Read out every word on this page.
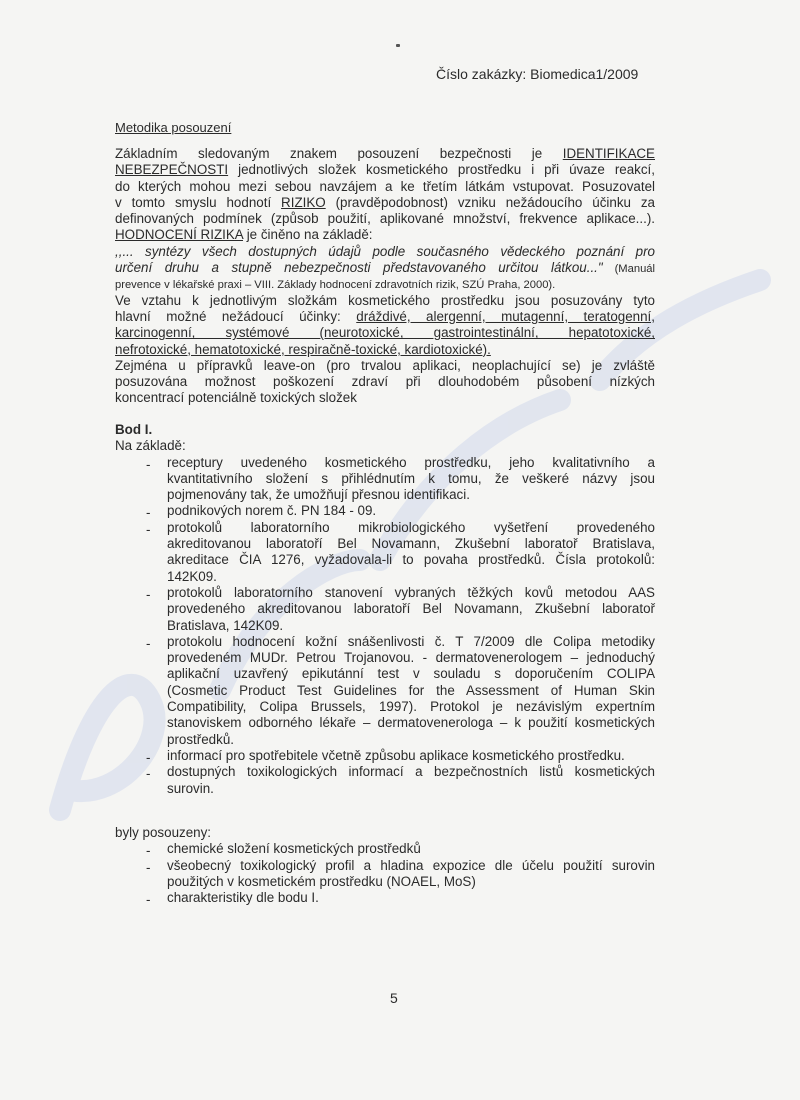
Číslo zakázky: Biomedica1/2009
Metodika posouzení
Základním sledovaným znakem posouzení bezpečnosti je IDENTIFIKACE
NEBEZPEČNOSTI jednotlivých složek kosmetického prostředku i při úvaze reakcí,
do kterých mohou mezi sebou navzájem a ke třetím látkám vstupovat. Posuzovatel
v tomto smyslu hodnotí RIZIKO (pravděpodobnost) vzniku nežádoucího účinku za
definovaných podmínek (způsob použití, aplikované množství, frekvence aplikace...).
HODNOCENÍ RIZIKA je činěno na základě:
,,... syntézy všech dostupných údajů podle současného vědeckého poznání pro
určení druhu a stupně nebezpečnosti představovaného určitou látkou..." (Manuál
prevence v lékařské praxi – VIII. Základy hodnocení zdravotních rizik, SZÚ Praha, 2000).
Ve vztahu k jednotlivým složkám kosmetického prostředku jsou posuzovány tyto
hlavní možné nežádoucí účinky: dráždivé, alergenní, mutagenní, teratogenní,
karcinogenní, systémové (neurotoxické, gastrointestinální, hepatotoxické,
nefrotoxické, hematotoxické, respiračně-toxické, kardiotoxické).
Zejména u přípravků leave-on (pro trvalou aplikaci, neoplachující se) je zvláště
posuzována možnost poškození zdraví při dlouhodobém působení nízkých
koncentrací potenciálně toxických složek
Bod I.
Na základě:
- receptury uvedeného kosmetického prostředku, jeho kvalitativního a
kvantitativního složení s přihlédnutím k tomu, že veškeré názvy jsou
pojmenovány tak, že umožňují přesnou identifikaci.
- podnikových norem č. PN 184 - 09.
- protokolů laboratorního mikrobiologického vyšetření provedeného
akreditovanou laboratoří Bel Novamann, Zkušební laboratoř Bratislava,
akreditace ČIA 1276, vyžadovala-li to povaha prostředků. Čísla protokolů:
142K09.
- protokolů laboratorního stanovení vybraných těžkých kovů metodou AAS
provedeného akreditovanou laboratoří Bel Novamann, Zkušební laboratoř
Bratislava, 142K09.
- protokolu hodnocení kožní snášenlivosti č. T 7/2009 dle Colipa metodiky
provedeném MUDr. Petrou Trojanovou. - dermatovenerologem – jednoduchý
aplikační uzavřený epikutánní test v souladu s doporučením COLIPA
(Cosmetic Product Test Guidelines for the Assessment of Human Skin
Compatibility, Colipa Brussels, 1997). Protokol je nezávislým expertním
stanoviskem odborného lékaře – dermatovenerologa – k použití kosmetických
prostředků.
- informací pro spotřebitele včetně způsobu aplikace kosmetického prostředku.
- dostupných toxikologických informací a bezpečnostních listů kosmetických
surovin.
byly posouzeny:
- chemické složení kosmetických prostředků
- všeobecný toxikologický profil a hladina expozice dle účelu použití surovin
použitých v kosmetickém prostředku (NOAEL, MoS)
- charakteristiky dle bodu I.
5
